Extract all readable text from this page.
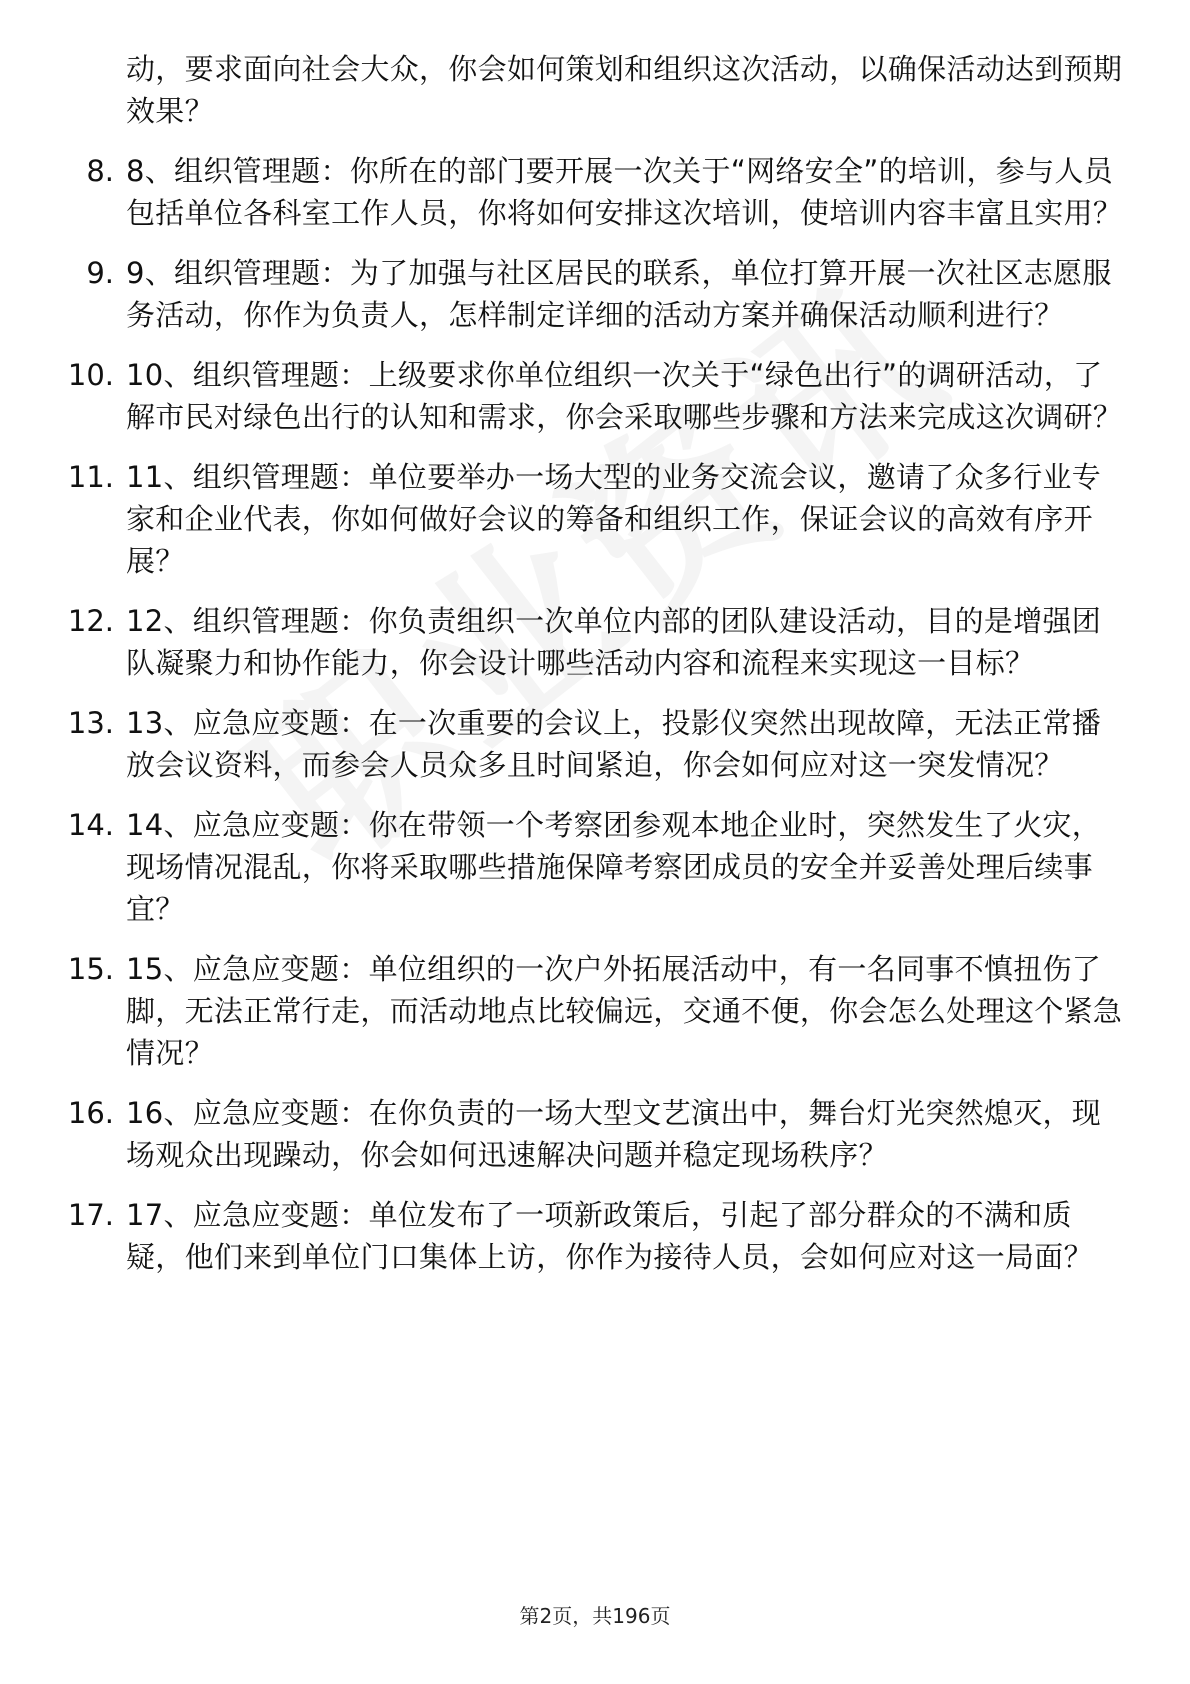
动，要求面向社会大众，你会如何策划和组织这次活动，以确保活动达到预期效果？
8. 8、组织管理题：你所在的部门要开展一次关于“网络安全”的培训，参与人员包括单位各科室工作人员，你将如何安排这次培训，使培训内容丰富且实用？
9. 9、组织管理题：为了加强与社区居民的联系，单位打算开展一次社区志愿服务活动，你作为负责人，怎样制定详细的活动方案并确保活动顺利进行？
10. 10、组织管理题：上级要求你单位组织一次关于“绿色出行”的调研活动，了解市民对绿色出行的认知和需求，你会采取哪些步骤和方法来完成这次调研？
11. 11、组织管理题：单位要举办一场大型的业务交流会议，邀请了众多行业专家和企业代表，你如何做好会议的筹备和组织工作，保证会议的高效有序开展？
12. 12、组织管理题：你负责组织一次单位内部的团队建设活动，目的是增强团队凝聚力和协作能力，你会设计哪些活动内容和流程来实现这一目标？
13. 13、应急应变题：在一次重要的会议上，投影仪突然出现故障，无法正常播放会议资料，而参会人员众多且时间紧迫，你会如何应对这一突发情况？
14. 14、应急应变题：你在带领一个考察团参观本地企业时，突然发生了火灾，现场情况混乱，你将采取哪些措施保障考察团成员的安全并妥善处理后续事宜？
15. 15、应急应变题：单位组织的一次户外拓展活动中，有一名同事不慎扭伤了脚，无法正常行走，而活动地点比较偏远，交通不便，你会怎么处理这个紧急情况？
16. 16、应急应变题：在你负责的一场大型文艺演出中，舞台灯光突然熄灭，现场观众出现躁动，你会如何迅速解决问题并稳定现场秩序？
17. 17、应急应变题：单位发布了一项新政策后，引起了部分群众的不满和质疑，他们来到单位门口集体上访，你作为接待人员，会如何应对这一局面？
第2页，共196页
